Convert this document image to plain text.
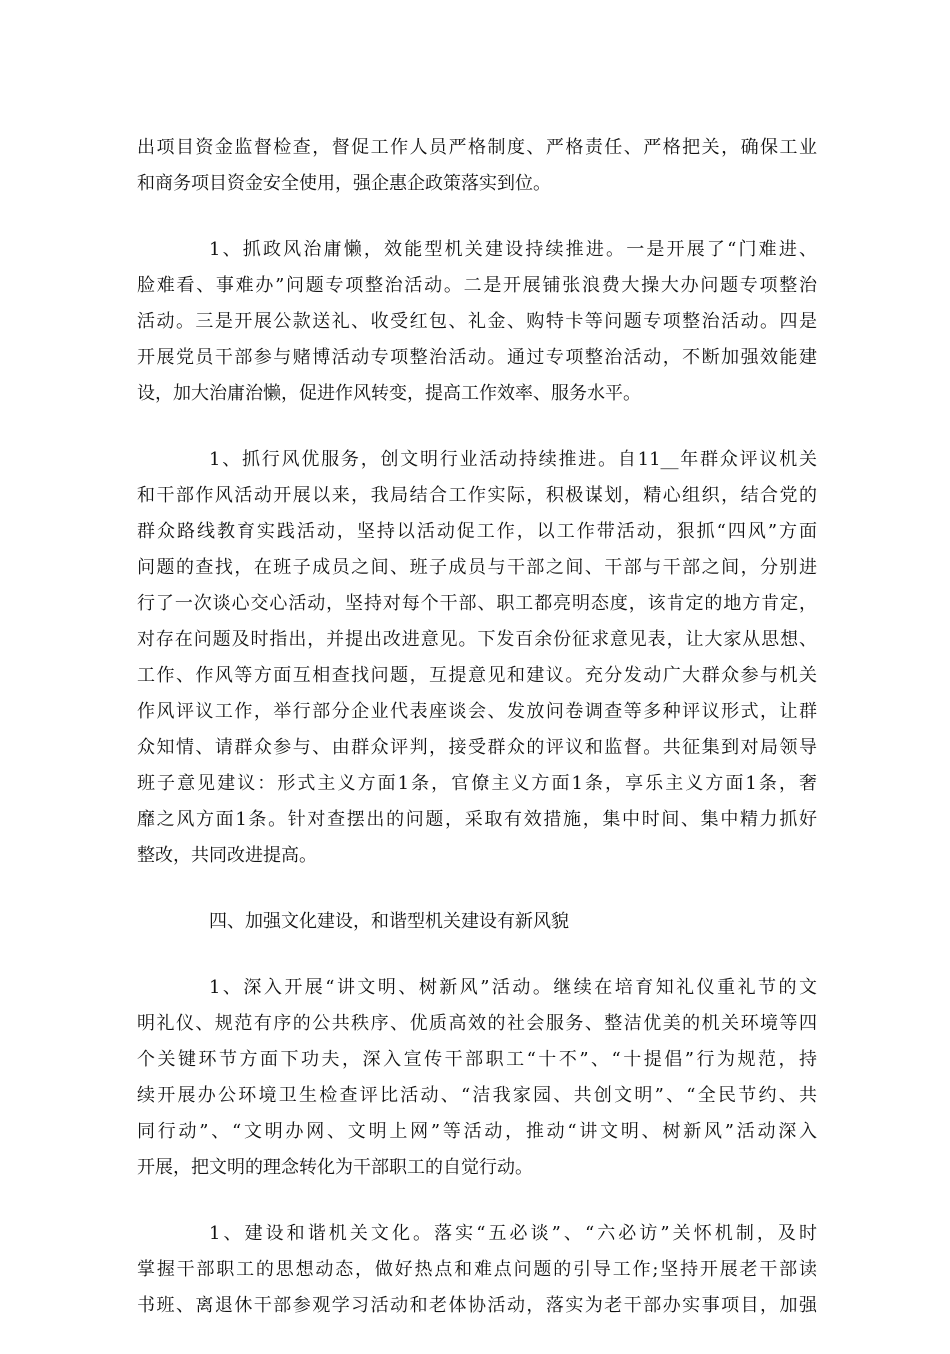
出项目资金监督检查，督促工作人员严格制度、严格责任、严格把关，确保工业
和商务项目资金安全使用，强企惠企政策落实到位。
1、抓政风治庸懒，效能型机关建设持续推进。一是开展了“门难进、
脸难看、事难办”问题专项整治活动。二是开展铺张浪费大操大办问题专项整治
活动。三是开展公款送礼、收受红包、礼金、购特卡等问题专项整治活动。四是
开展党员干部参与赌博活动专项整治活动。通过专项整治活动，不断加强效能建
设，加大治庸治懒，促进作风转变，提高工作效率、服务水平。
1、抓行风优服务，创文明行业活动持续推进。自11__年群众评议机关
和干部作风活动开展以来，我局结合工作实际，积极谋划，精心组织，结合党的
群众路线教育实践活动，坚持以活动促工作，以工作带活动，狠抓“四风”方面
问题的查找，在班子成员之间、班子成员与干部之间、干部与干部之间，分别进
行了一次谈心交心活动，坚持对每个干部、职工都亮明态度，该肯定的地方肯定，
对存在问题及时指出，并提出改进意见。下发百余份征求意见表，让大家从思想、
工作、作风等方面互相查找问题，互提意见和建议。充分发动广大群众参与机关
作风评议工作，举行部分企业代表座谈会、发放问卷调查等多种评议形式，让群
众知情、请群众参与、由群众评判，接受群众的评议和监督。共征集到对局领导
班子意见建议：形式主义方面1条，官僚主义方面1条，享乐主义方面1条，奢
靡之风方面1条。针对查摆出的问题，采取有效措施，集中时间、集中精力抓好
整改，共同改进提高。
四、加强文化建设，和谐型机关建设有新风貌
1、深入开展“讲文明、树新风”活动。继续在培育知礼仪重礼节的文
明礼仪、规范有序的公共秩序、优质高效的社会服务、整洁优美的机关环境等四
个关键环节方面下功夫，深入宣传干部职工“十不”、“十提倡”行为规范，持
续开展办公环境卫生检查评比活动、“洁我家园、共创文明”、“全民节约、共
同行动”、“文明办网、文明上网”等活动，推动“讲文明、树新风”活动深入
开展，把文明的理念转化为干部职工的自觉行动。
1、建设和谐机关文化。落实“五必谈”、“六必访”关怀机制，及时
掌握干部职工的思想动态，做好热点和难点问题的引导工作;坚持开展老干部读
书班、离退休干部参观学习活动和老体协活动，落实为老干部办实事项目，加强
